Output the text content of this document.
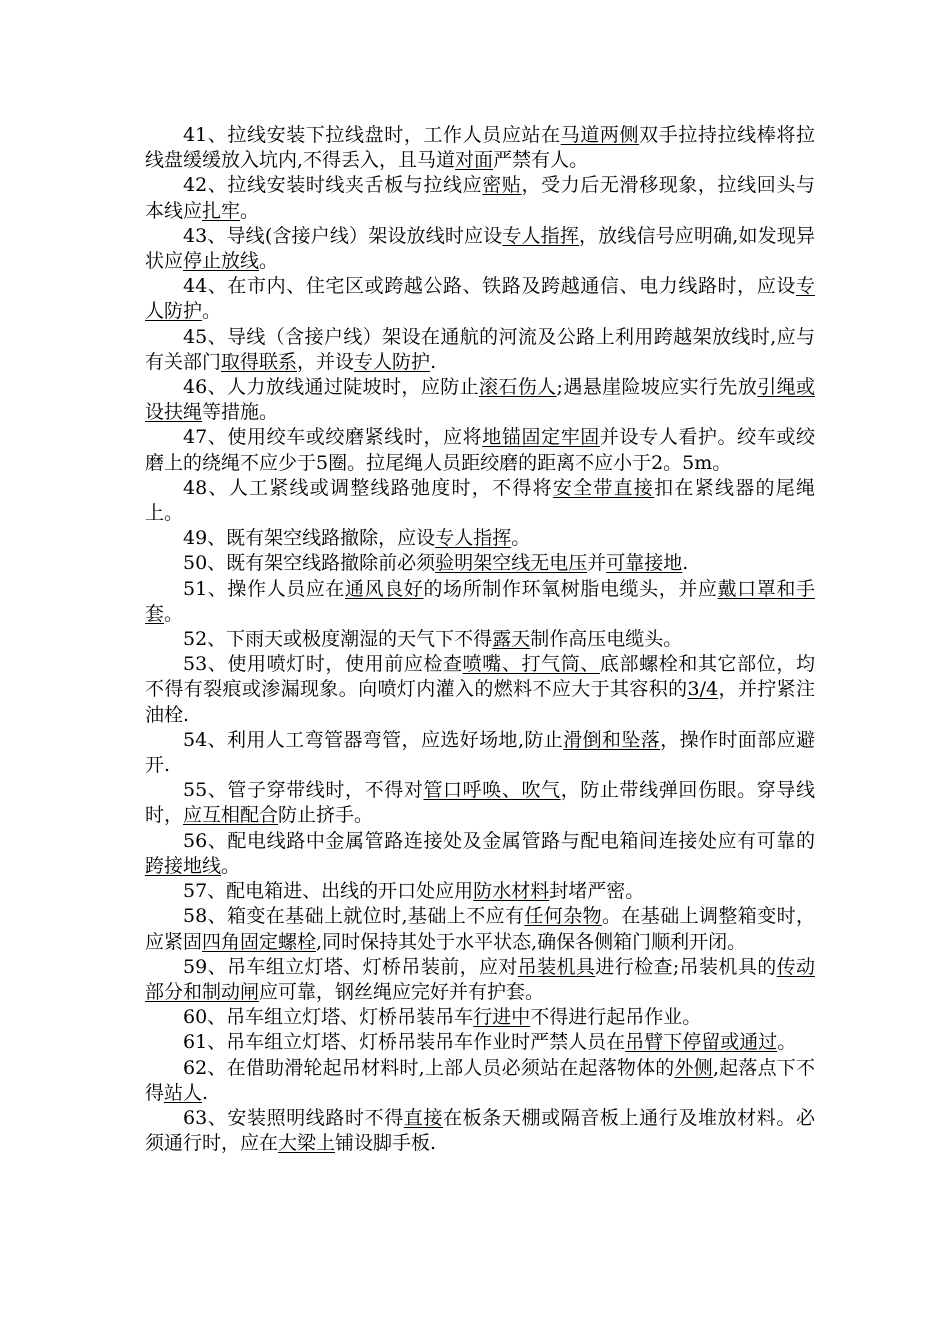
41、拉线安装下拉线盘时，工作人员应站在马道两侧双手拉持拉线棒将拉线盘缓缓放入坑内,不得丢入，且马道对面严禁有人。

42、拉线安装时线夹舌板与拉线应密贴，受力后无滑移现象，拉线回头与本线应扎牢。

43、导线(含接户线）架设放线时应设专人指挥，放线信号应明确,如发现异状应停止放线。

44、在市内、住宅区或跨越公路、铁路及跨越通信、电力线路时，应设专人防护。

45、导线（含接户线）架设在通航的河流及公路上利用跨越架放线时,应与有关部门取得联系，并设专人防护.

46、人力放线通过陡坡时，应防止滚石伤人;遇悬崖险坡应实行先放引绳或设扶绳等措施。

47、使用绞车或绞磨紧线时，应将地锚固定牢固并设专人看护。绞车或绞磨上的绕绳不应少于5圈。拉尾绳人员距绞磨的距离不应小于2。5m。

48、人工紧线或调整线路弛度时，不得将安全带直接扣在紧线器的尾绳上。

49、既有架空线路撤除，应设专人指挥。

50、既有架空线路撤除前必须验明架空线无电压并可靠接地.

51、操作人员应在通风良好的场所制作环氧树脂电缆头，并应戴口罩和手套。

52、下雨天或极度潮湿的天气下不得露天制作高压电缆头。

53、使用喷灯时，使用前应检查喷嘴、打气筒、底部螺栓和其它部位，均不得有裂痕或渗漏现象。向喷灯内灌入的燃料不应大于其容积的3/4，并拧紧注油栓.

54、利用人工弯管器弯管，应选好场地,防止滑倒和坠落，操作时面部应避开.

55、管子穿带线时，不得对管口呼唤、吹气，防止带线弹回伤眼。穿导线时，应互相配合防止挤手。

56、配电线路中金属管路连接处及金属管路与配电箱间连接处应有可靠的跨接地线。

57、配电箱进、出线的开口处应用防水材料封堵严密。

58、箱变在基础上就位时,基础上不应有任何杂物。在基础上调整箱变时，应紧固四角固定螺栓,同时保持其处于水平状态,确保各侧箱门顺利开闭。

59、吊车组立灯塔、灯桥吊装前，应对吊装机具进行检查;吊装机具的传动部分和制动闸应可靠，钢丝绳应完好并有护套。

60、吊车组立灯塔、灯桥吊装吊车行进中不得进行起吊作业。

61、吊车组立灯塔、灯桥吊装吊车作业时严禁人员在吊臂下停留或通过。

62、在借助滑轮起吊材料时,上部人员必须站在起落物体的外侧,起落点下不得站人.

63、安装照明线路时不得直接在板条天棚或隔音板上通行及堆放材料。必须通行时，应在大梁上铺设脚手板.
